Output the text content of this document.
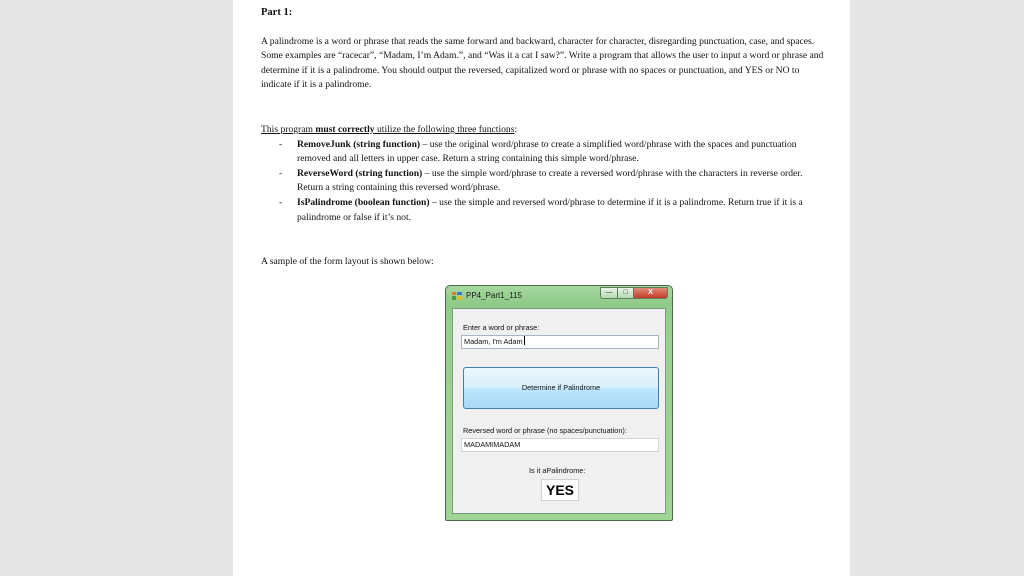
Part 1:
A palindrome is a word or phrase that reads the same forward and backward, character for character, disregarding punctuation, case, and spaces. Some examples are “racecar”, “Madam, I’m Adam.”, and “Was it a cat I saw?”. Write a program that allows the user to input a word or phrase and determine if it is a palindrome. You should output the reversed, capitalized word or phrase with no spaces or punctuation, and YES or NO to indicate if it is a palindrome.
This program must correctly utilize the following three functions:
- RemoveJunk (string function) – use the original word/phrase to create a simplified word/phrase with the spaces and punctuation removed and all letters in upper case. Return a string containing this simple word/phrase.
- ReverseWord (string function) – use the simple word/phrase to create a reversed word/phrase with the characters in reverse order. Return a string containing this reversed word/phrase.
- IsPalindrome (boolean function) – use the simple and reversed word/phrase to determine if it is a palindrome. Return true if it is a palindrome or false if it’s not.
A sample of the form layout is shown below:
PP4_Part1_115	—	□	X
Enter a word or phrase:
Madam, I'm Adam
Determine if Palindrome
Reversed word or phrase (no spaces/punctuation):
MADAMIMADAM
Is it aPalindrome:
YES
